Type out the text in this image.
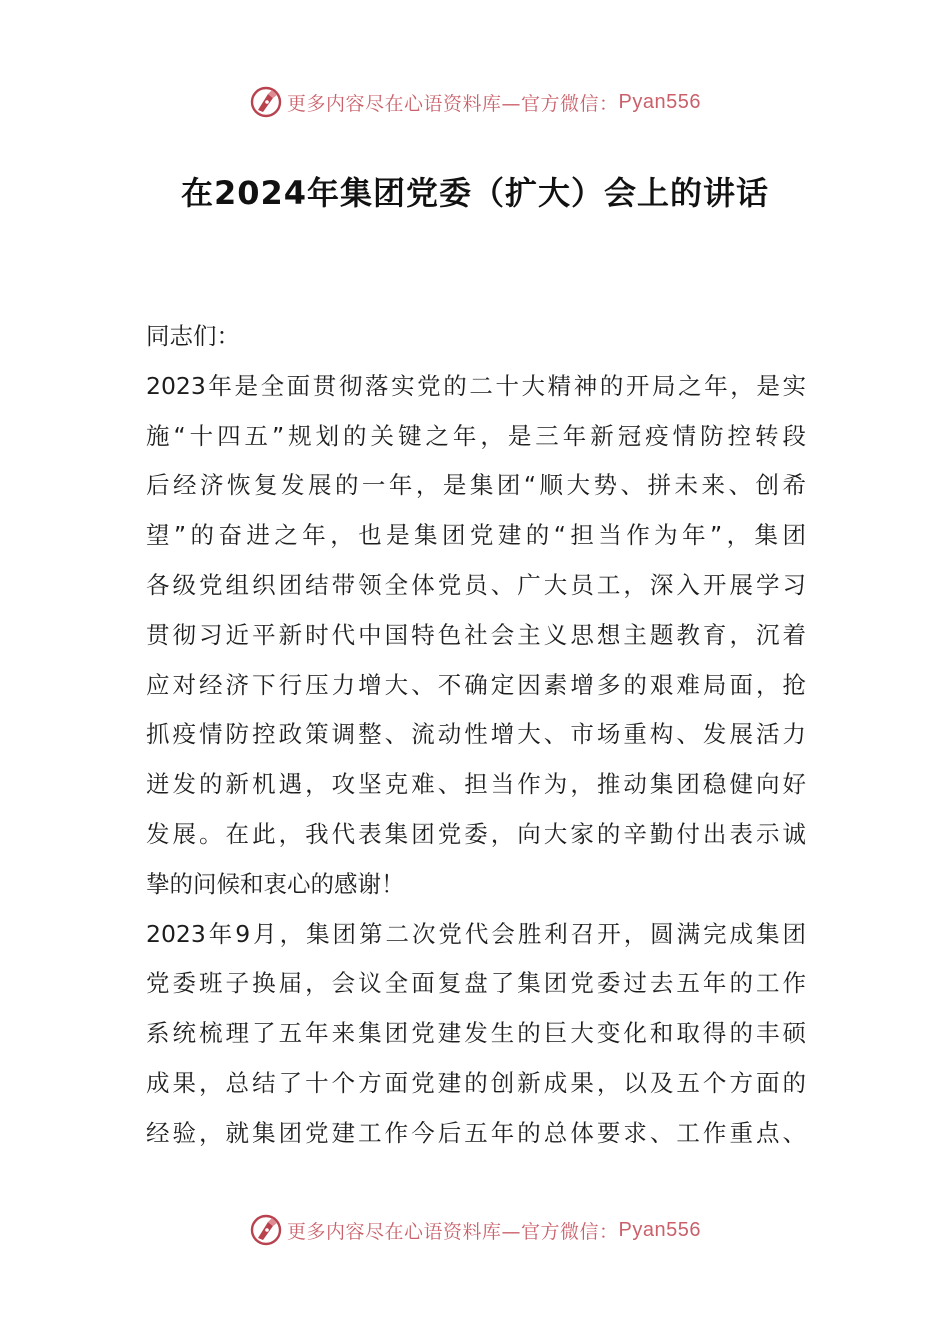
更多内容尽在心语资料库—官方微信： Pyan556
在2024年集团党委（扩大）会上的讲话
同志们：
2023年是全面贯彻落实党的二十大精神的开局之年，是实
施“十四五”规划的关键之年，是三年新冠疫情防控转段
后经济恢复发展的一年，是集团“顺大势、拼未来、创希
望”的奋进之年，也是集团党建的“担当作为年”，集团
各级党组织团结带领全体党员、广大员工，深入开展学习
贯彻习近平新时代中国特色社会主义思想主题教育，沉着
应对经济下行压力增大、不确定因素增多的艰难局面，抢
抓疫情防控政策调整、流动性增大、市场重构、发展活力
迸发的新机遇，攻坚克难、担当作为，推动集团稳健向好
发展。在此，我代表集团党委，向大家的辛勤付出表示诚
挚的问候和衷心的感谢！
2023年9月，集团第二次党代会胜利召开，圆满完成集团
党委班子换届，会议全面复盘了集团党委过去五年的工作
系统梳理了五年来集团党建发生的巨大变化和取得的丰硕
成果，总结了十个方面党建的创新成果，以及五个方面的
经验，就集团党建工作今后五年的总体要求、工作重点、
更多内容尽在心语资料库—官方微信： Pyan556
